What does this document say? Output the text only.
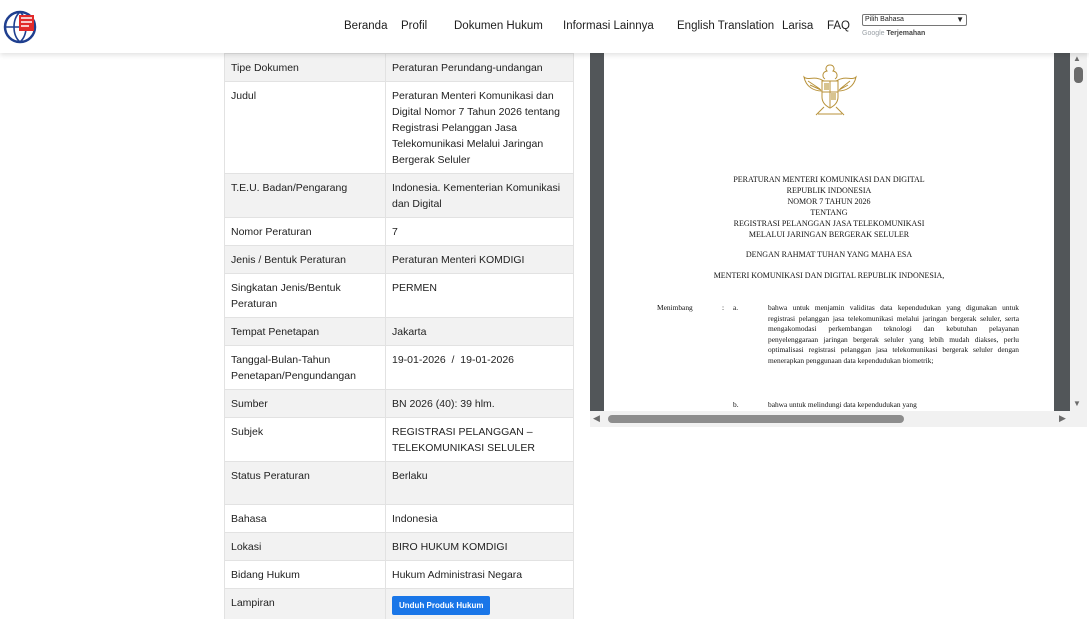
Beranda Profil Dokumen Hukum Informasi Lainnya English Translation Larisa FAQ
Pilih Bahasa	▼
Google Terjemahan
Tipe Dokumen	Peraturan Perundang-undangan
Judul	Peraturan Menteri Komunikasi dan Digital Nomor 7 Tahun 2026 tentang Registrasi Pelanggan Jasa Telekomunikasi Melalui Jaringan Bergerak Seluler
T.E.U. Badan/Pengarang	Indonesia. Kementerian Komunikasi dan Digital
Nomor Peraturan	7
Jenis / Bentuk Peraturan	Peraturan Menteri KOMDIGI
Singkatan Jenis/Bentuk Peraturan	PERMEN
Tempat Penetapan	Jakarta
Tanggal-Bulan-Tahun Penetapan/Pengundangan	19-01-2026  /  19-01-2026
Sumber	BN 2026 (40): 39 hlm.
Subjek	REGISTRASI PELANGGAN – TELEKOMUNIKASI SELULER
Status Peraturan	Berlaku
Bahasa	Indonesia
Lokasi	BIRO HUKUM KOMDIGI
Bidang Hukum	Hukum Administrasi Negara
Lampiran	Unduh Produk Hukum
PERATURAN MENTERI KOMUNIKASI DAN DIGITAL
REPUBLIK INDONESIA
NOMOR 7 TAHUN 2026
TENTANG
REGISTRASI PELANGGAN JASA TELEKOMUNIKASI
MELALUI JARINGAN BERGERAK SELULER
DENGAN RAHMAT TUHAN YANG MAHA ESA
MENTERI KOMUNIKASI DAN DIGITAL REPUBLIK INDONESIA,
Menimbang	: a.	bahwa untuk menjamin validitas data kependudukan yang digunakan untuk registrasi pelanggan jasa telekomunikasi melalui jaringan bergerak seluler, serta mengakomodasi perkembangan teknologi dan kebutuhan pelayanan penyelenggaraan jaringan bergerak seluler yang lebih mudah diakses, perlu optimalisasi registrasi pelanggan jasa telekomunikasi bergerak seluler dengan menerapkan penggunaan data kependudukan biometrik;
b.	bahwa untuk melindungi data kependudukan yang
▲
▼
◀	▶
